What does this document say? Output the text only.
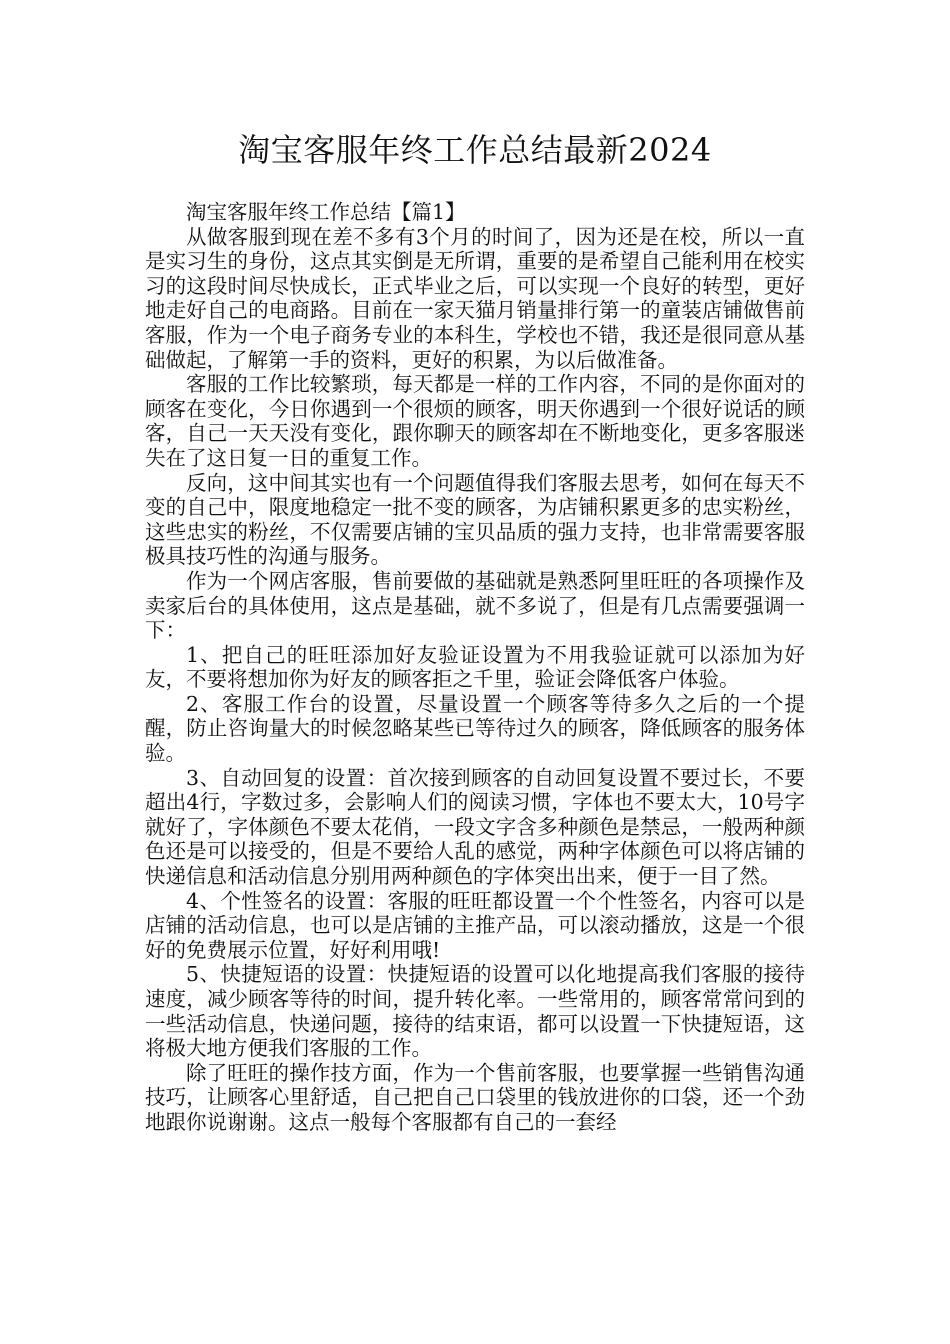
淘宝客服年终工作总结最新2024

淘宝客服年终工作总结【篇1】

从做客服到现在差不多有3个月的时间了，因为还是在校，所以一直是实习生的身份，这点其实倒是无所谓，重要的是希望自己能利用在校实习的这段时间尽快成长，正式毕业之后，可以实现一个良好的转型，更好地走好自己的电商路。目前在一家天猫月销量排行第一的童装店铺做售前客服，作为一个电子商务专业的本科生，学校也不错，我还是很同意从基础做起，了解第一手的资料，更好的积累，为以后做准备。

客服的工作比较繁琐，每天都是一样的工作内容，不同的是你面对的顾客在变化，今日你遇到一个很烦的顾客，明天你遇到一个很好说话的顾客，自己一天天没有变化，跟你聊天的顾客却在不断地变化，更多客服迷失在了这日复一日的重复工作。

反向，这中间其实也有一个问题值得我们客服去思考，如何在每天不变的自己中，限度地稳定一批不变的顾客，为店铺积累更多的忠实粉丝，这些忠实的粉丝，不仅需要店铺的宝贝品质的强力支持，也非常需要客服极具技巧性的沟通与服务。

作为一个网店客服，售前要做的基础就是熟悉阿里旺旺的各项操作及卖家后台的具体使用，这点是基础，就不多说了，但是有几点需要强调一下：

1、把自己的旺旺添加好友验证设置为不用我验证就可以添加为好友，不要将想加你为好友的顾客拒之千里，验证会降低客户体验。

2、客服工作台的设置，尽量设置一个顾客等待多久之后的一个提醒，防止咨询量大的时候忽略某些已等待过久的顾客，降低顾客的服务体验。

3、自动回复的设置：首次接到顾客的自动回复设置不要过长，不要超出4行，字数过多，会影响人们的阅读习惯，字体也不要太大，10号字就好了，字体颜色不要太花俏，一段文字含多种颜色是禁忌，一般两种颜色还是可以接受的，但是不要给人乱的感觉，两种字体颜色可以将店铺的快递信息和活动信息分别用两种颜色的字体突出出来，便于一目了然。

4、个性签名的设置：客服的旺旺都设置一个个性签名，内容可以是店铺的活动信息，也可以是店铺的主推产品，可以滚动播放，这是一个很好的免费展示位置，好好利用哦!

5、快捷短语的设置：快捷短语的设置可以化地提高我们客服的接待速度，减少顾客等待的时间，提升转化率。一些常用的，顾客常常问到的一些活动信息，快递问题，接待的结束语，都可以设置一下快捷短语，这将极大地方便我们客服的工作。

除了旺旺的操作技方面，作为一个售前客服，也要掌握一些销售沟通技巧，让顾客心里舒适，自己把自己口袋里的钱放进你的口袋，还一个劲地跟你说谢谢。这点一般每个客服都有自己的一套经
